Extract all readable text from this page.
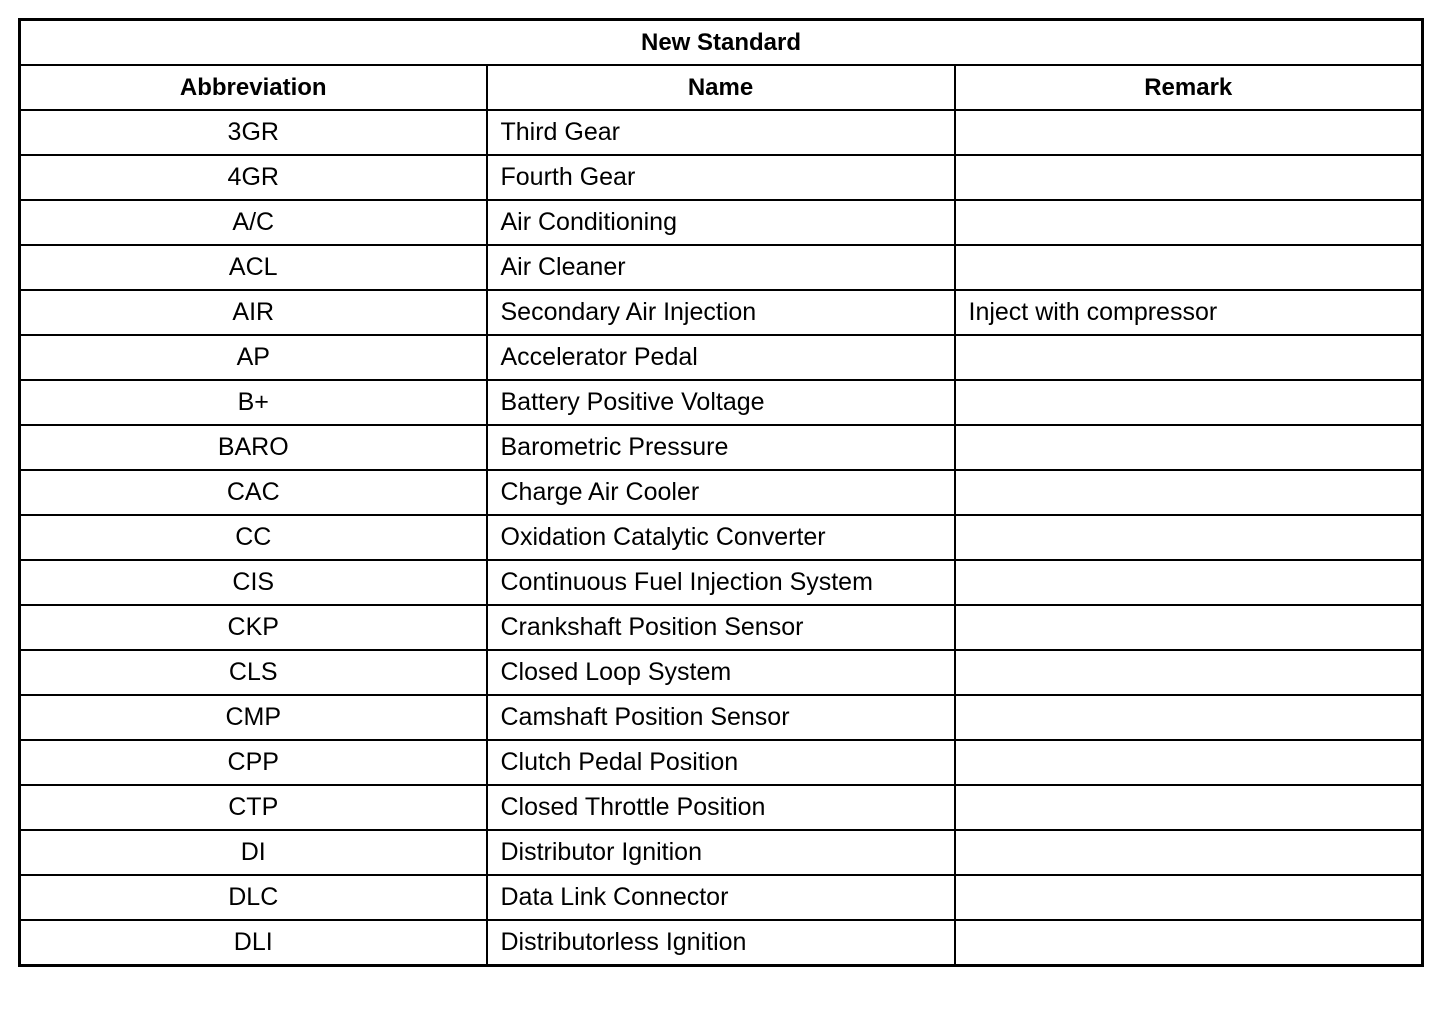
New Standard		
Abbreviation	Name	Remark
3GR	Third Gear	
4GR	Fourth Gear	
A/C	Air Conditioning	
ACL	Air Cleaner	
AIR	Secondary Air Injection	Inject with compressor
AP	Accelerator Pedal	
B+	Battery Positive Voltage	
BARO	Barometric Pressure	
CAC	Charge Air Cooler	
CC	Oxidation Catalytic Converter	
CIS	Continuous Fuel Injection System	
CKP	Crankshaft Position Sensor	
CLS	Closed Loop System	
CMP	Camshaft Position Sensor	
CPP	Clutch Pedal Position	
CTP	Closed Throttle Position	
DI	Distributor Ignition	
DLC	Data Link Connector	
DLI	Distributorless Ignition	
